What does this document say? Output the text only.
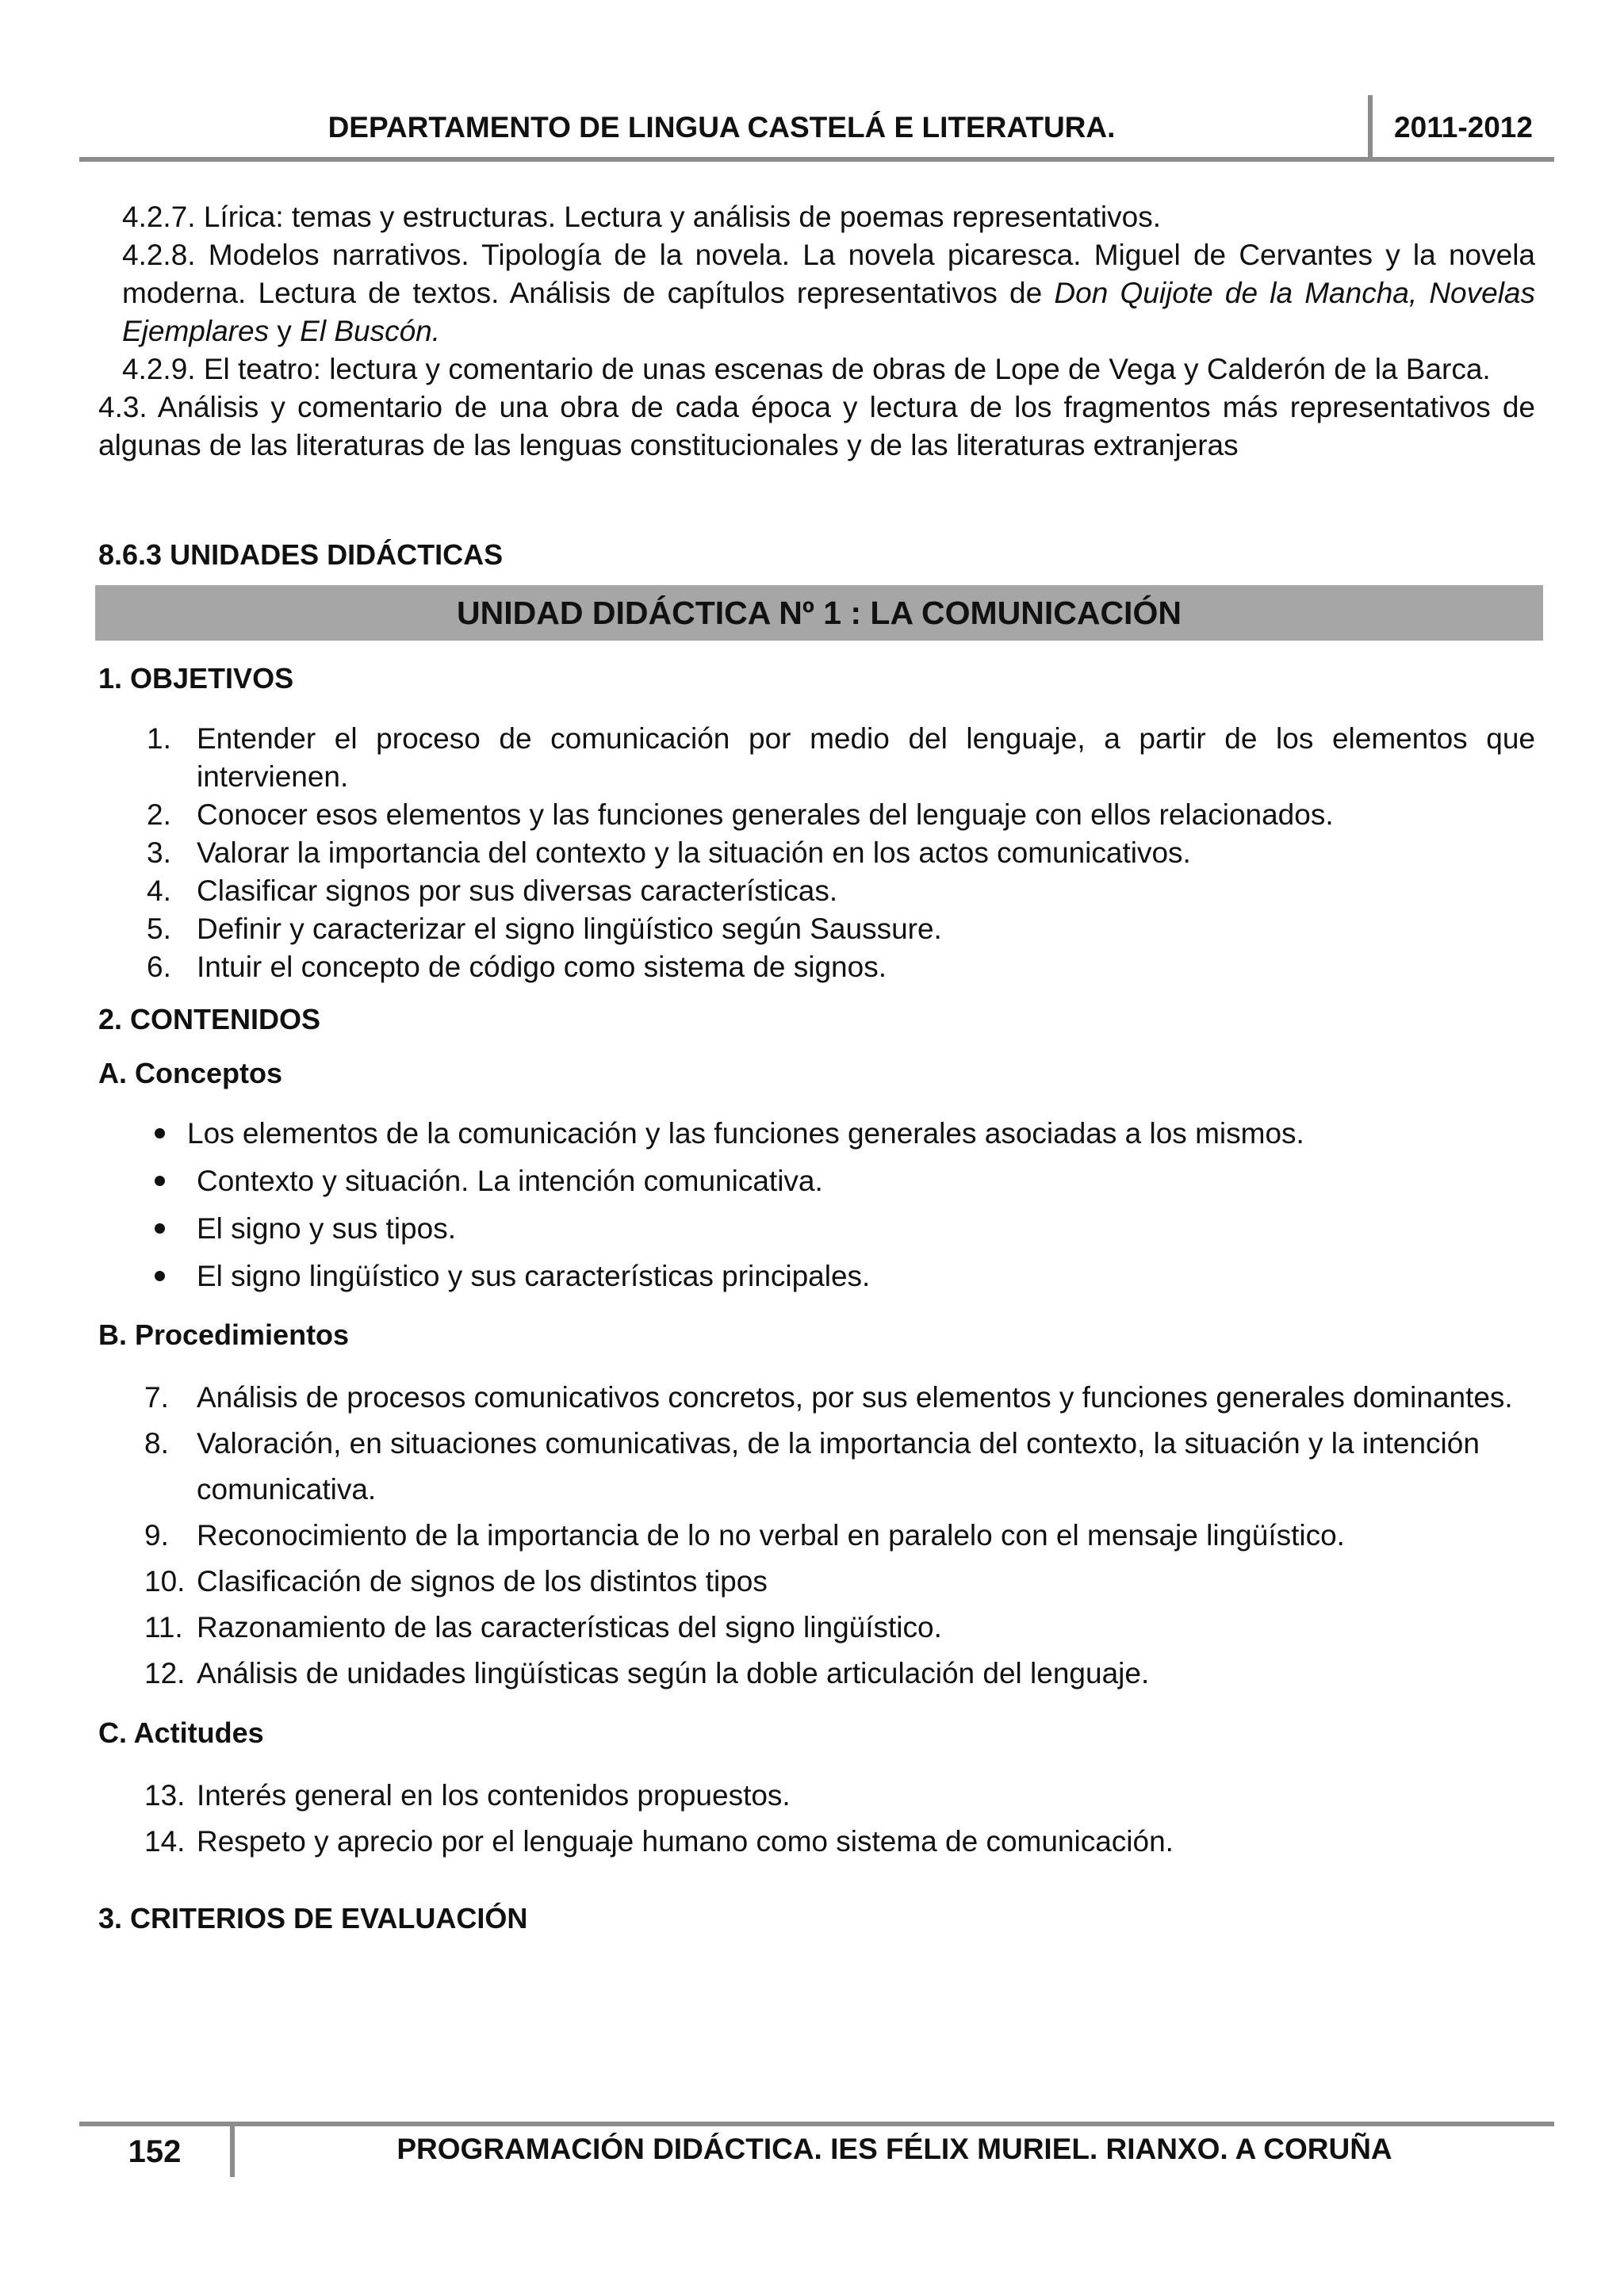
DEPARTAMENTO DE LINGUA CASTELÁ E LITERATURA.	2011-2012

4.2.7. Lírica: temas y estructuras. Lectura y análisis de poemas representativos.

4.2.8. Modelos narrativos. Tipología de la novela. La novela picaresca. Miguel de Cervantes y la novela moderna. Lectura de textos. Análisis de capítulos representativos de Don Quijote de la Mancha, Novelas Ejemplares y El Buscón.

4.2.9. El teatro: lectura y comentario de unas escenas de obras de Lope de Vega y Calderón de la Barca.

4.3. Análisis y comentario de una obra de cada época y lectura de los fragmentos más representativos de algunas de las literaturas de las lenguas constitucionales y de las literaturas extranjeras

8.6.3 UNIDADES DIDÁCTICAS

UNIDAD DIDÁCTICA Nº 1 : LA COMUNICACIÓN

1. OBJETIVOS

1. Entender el proceso de comunicación por medio del lenguaje, a partir de los elementos que intervienen.
2. Conocer esos elementos y las funciones generales del lenguaje con ellos relacionados.
3. Valorar la importancia del contexto y la situación en los actos comunicativos.
4. Clasificar signos por sus diversas características.
5. Definir y caracterizar el signo lingüístico según Saussure.
6. Intuir el concepto de código como sistema de signos.

2. CONTENIDOS

A. Conceptos

Los elementos de la comunicación y las funciones generales asociadas a los mismos.
Contexto y situación. La intención comunicativa.
El signo y sus tipos.
El signo lingüístico y sus características principales.

B. Procedimientos

7. Análisis de procesos comunicativos concretos, por sus elementos y funciones generales dominantes.
8. Valoración, en situaciones comunicativas, de la importancia del contexto, la situación y la intención comunicativa.
9. Reconocimiento de la importancia de lo no verbal en paralelo con el mensaje lingüístico.
10. Clasificación de signos de los distintos tipos
11. Razonamiento de las características del signo lingüístico.
12. Análisis de unidades lingüísticas según la doble articulación del lenguaje.

C. Actitudes

13. Interés general en los contenidos propuestos.
14. Respeto y aprecio por el lenguaje humano como sistema de comunicación.

3. CRITERIOS DE EVALUACIÓN

152	PROGRAMACIÓN DIDÁCTICA. IES FÉLIX MURIEL. RIANXO. A CORUÑA
